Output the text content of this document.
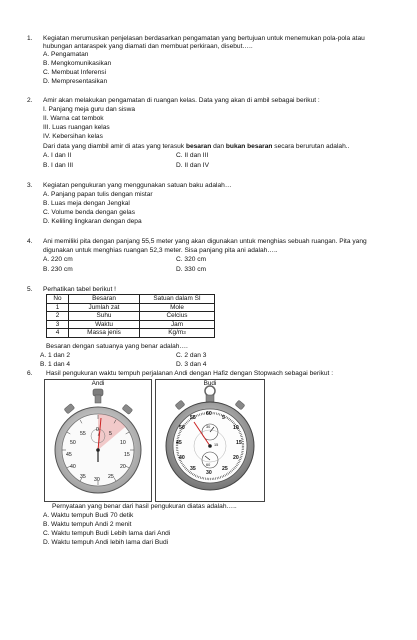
1.	Kegiatan merumuskan penjelasan berdasarkan pengamatan yang bertujuan untuk menemukan pola-pola atau
hubungan antaraspek yang diamati dan membuat perkiraan, disebut…..
A. Pengamatan
B. Mengkomunikasikan
C. Membuat Inferensi
D. Mempresentasikan
2.	Amir akan melakukan pengamatan di ruangan kelas. Data yang akan di ambil sebagai berikut :
I. Panjang meja guru dan siswa
II. Warna cat tembok
III. Luas ruangan kelas
IV. Kebersihan kelas
Dari data yang diambil amir di atas yang terasuk besaran dan bukan besaran secara berurutan adalah..
A. I dan II
B. I dan III
C. II dan III
D. II dan IV
3.	Kegiatan pengukuran yang menggunakan satuan baku adalah…
A. Panjang papan tulis dengan mistar
B. Luas meja dengan Jengkal
C. Volume benda dengan gelas
D. Keliling lingkaran dengan depa
4.	Ani memiliki pita dengan panjang 55,5 meter yang akan digunakan untuk menghias sebuah ruangan. Pita yang
digunakan untuk menghias ruangan 52,3 meter. Sisa panjang pita ani adalah…..
A. 220 cm
B. 230 cm
C. 320 cm
D. 330 cm
5.	Perhatikan tabel berikut !
No	Besaran	Satuan dalam SI
1	Jumlah zat	Mole
2	Suhu	Celcius
3	Waktu	Jam
4	Massa jenis	$Kg/m^3$
Besaran dengan satuanya yang benar adalah….
A. 1 dan 2
B. 1 dan 4
C. 2 dan 3
D. 3 dan 4
6.	Hasil pengukuran waktu tempuh perjalanan Andi dengan Hafiz dengan Stopwach sebagai berikut :
Andi
55
0
5
50	10
45	15
40	20
35 30 25
Budi
60
5
10
15
20
25
30
35
40
45
50
55
30
15
60
Pernyataan yang benar dari hasil pengukuran diatas adalah…..
A. Waktu tempuh Budi 70 detik
B. Waktu tempuh Andi 2 menit
C. Waktu tempuh Budi Lebih lama dari Andi
D. Waktu tempuh Andi lebih lama dari Budi
